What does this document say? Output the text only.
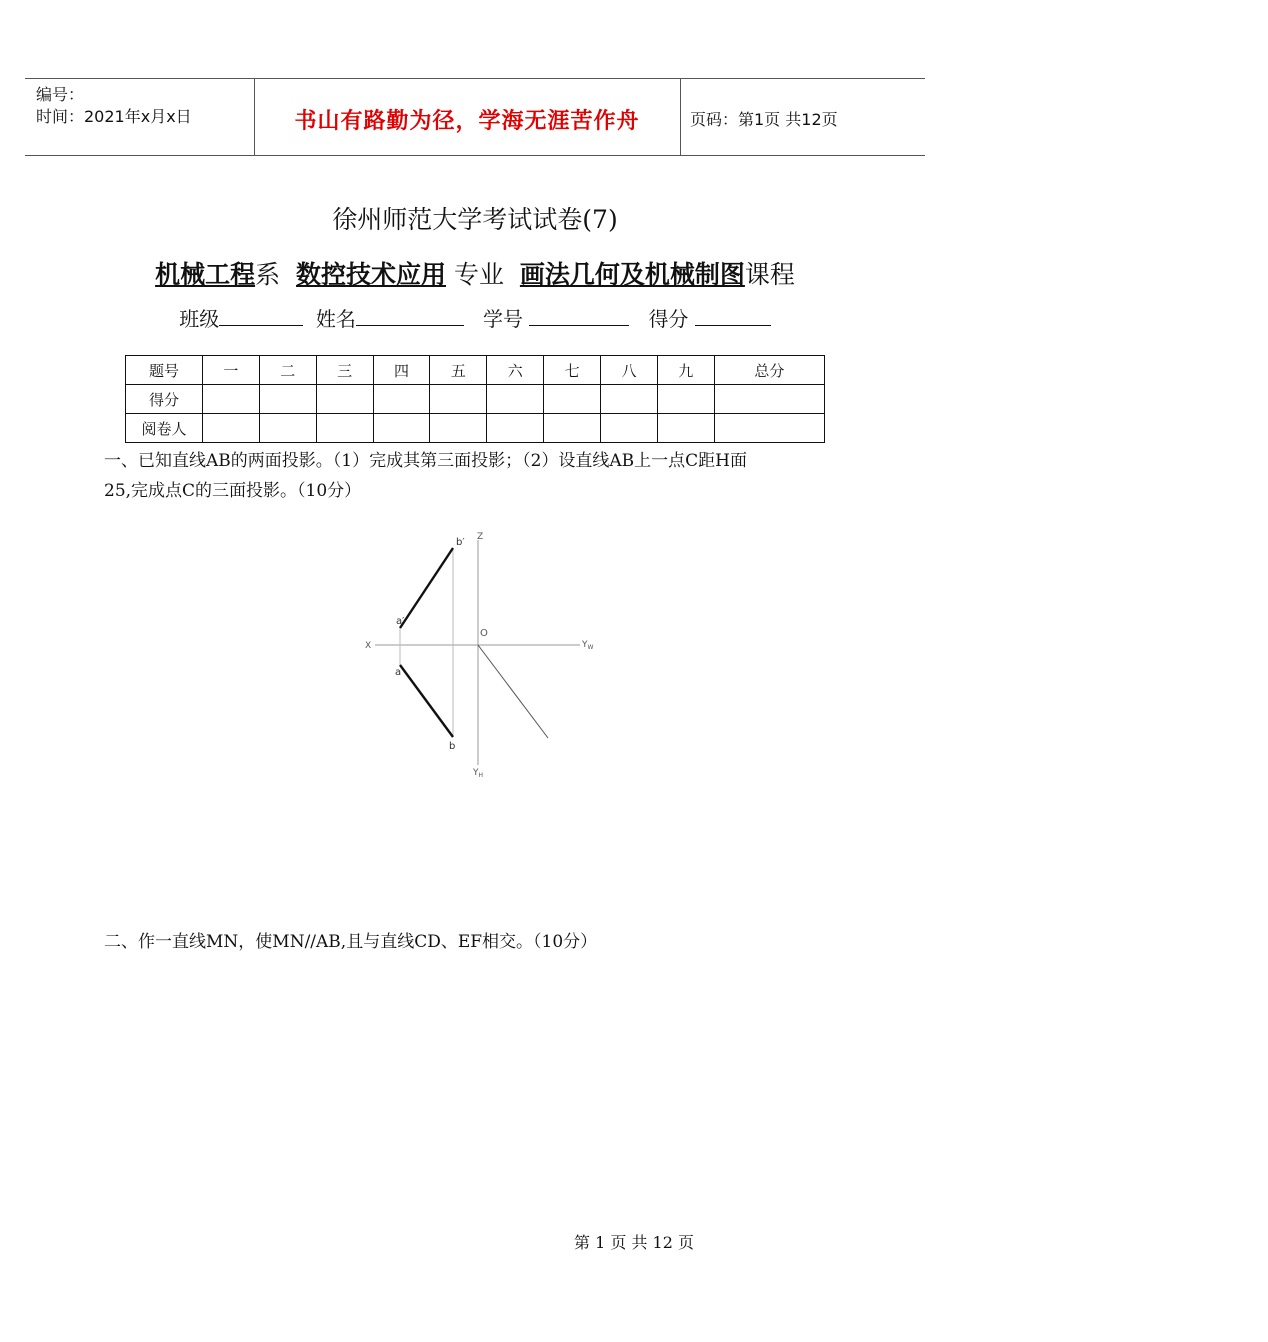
编号：
时间：2021年x月x日	书山有路勤为径，学海无涯苦作舟	页码：第1页 共12页
徐州师范大学考试试卷(7)
机械工程系 数控技术应用 专业 画法几何及机械制图课程
班级	姓名	学号	得分
题号	一	二	三	四	五	六	七	八	九	总分
得分										
阅卷人										
一、已知直线AB的两面投影。（1）完成其第三面投影；（2）设直线AB上一点C距H面
25,完成点C的三面投影。（10分）
Z
X
O
$Y_W$
$Y_H$
b′
a′
a
b
二、作一直线MN，使MN//AB,且与直线CD、EF相交。（10分）
第 1 页 共 12 页
